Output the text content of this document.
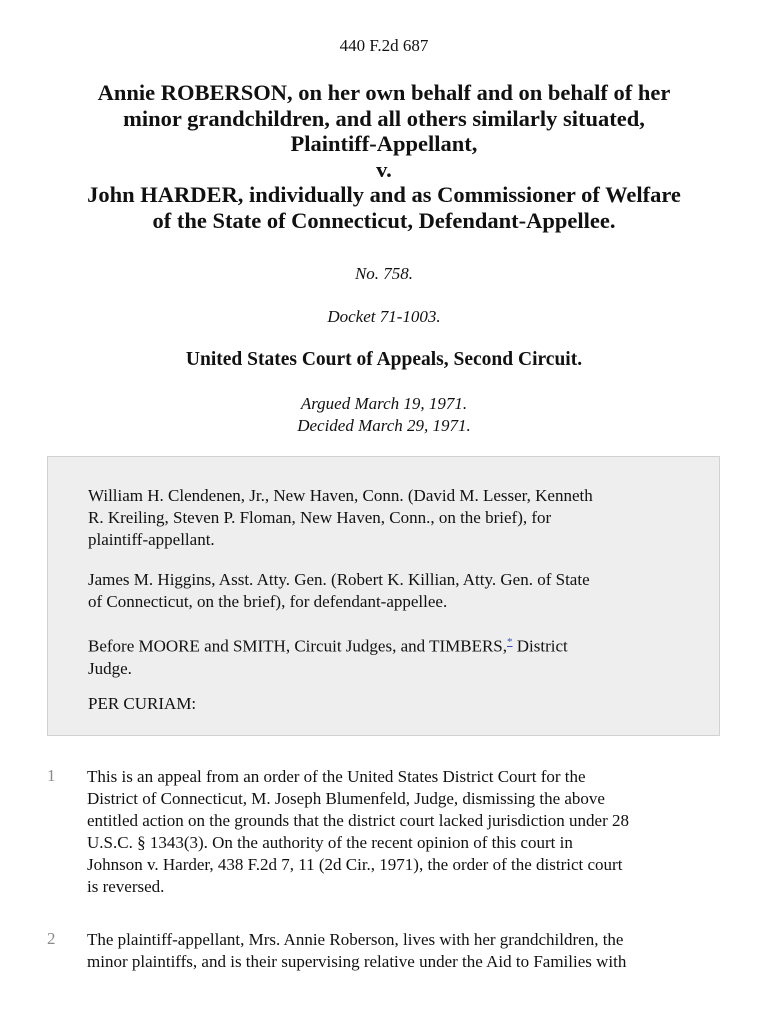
440 F.2d 687
Annie ROBERSON, on her own behalf and on behalf of her
minor grandchildren, and all others similarly situated,
Plaintiff-Appellant,
v.
John HARDER, individually and as Commissioner of Welfare
of the State of Connecticut, Defendant-Appellee.
No. 758.
Docket 71-1003.
United States Court of Appeals, Second Circuit.
Argued March 19, 1971.
Decided March 29, 1971.
William H. Clendenen, Jr., New Haven, Conn. (David M. Lesser, Kenneth
R. Kreiling, Steven P. Floman, New Haven, Conn., on the brief), for
plaintiff-appellant.
James M. Higgins, Asst. Atty. Gen. (Robert K. Killian, Atty. Gen. of State
of Connecticut, on the brief), for defendant-appellee.
Before MOORE and SMITH, Circuit Judges, and TIMBERS,* District
Judge.
PER CURIAM:
1 This is an appeal from an order of the United States District Court for the
District of Connecticut, M. Joseph Blumenfeld, Judge, dismissing the above
entitled action on the grounds that the district court lacked jurisdiction under 28
U.S.C. § 1343(3). On the authority of the recent opinion of this court in
Johnson v. Harder, 438 F.2d 7, 11 (2d Cir., 1971), the order of the district court
is reversed.
2 The plaintiff-appellant, Mrs. Annie Roberson, lives with her grandchildren, the
minor plaintiffs, and is their supervising relative under the Aid to Families with
